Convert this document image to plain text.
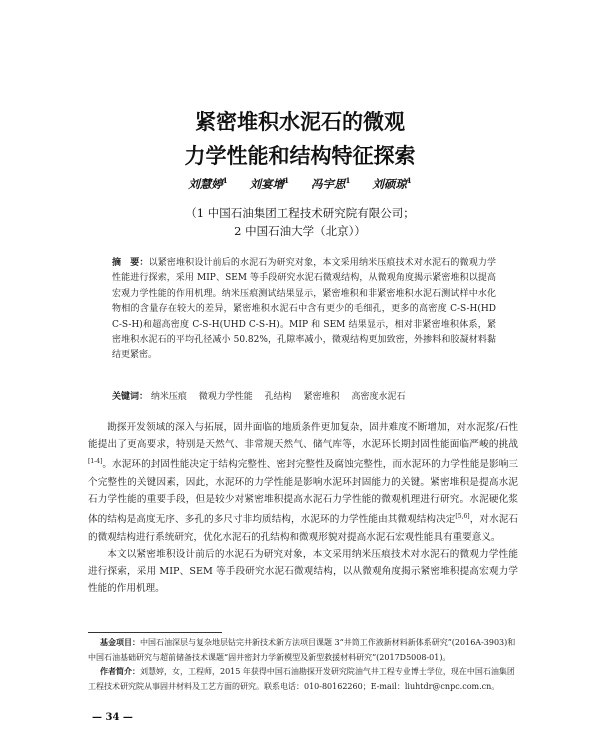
紧密堆积水泥石的微观
力学性能和结构特征探索
刘慧婷$^1$ 刘宴增$^1$ 冯宇思$^1$ 刘硕琼$^1$
（1 中国石油集团工程技术研究院有限公司；
2 中国石油大学（北京））
摘　要：以紧密堆积设计前后的水泥石为研究对象，本文采用纳米压痕技术对水泥石的微观力学性能进行探索，采用 MIP、SEM 等手段研究水泥石微观结构，从微观角度揭示紧密堆积以提高宏观力学性能的作用机理。纳米压痕测试结果显示，紧密堆积和非紧密堆积水泥石测试样中水化物相的含量存在较大的差异，紧密堆积水泥石中含有更少的毛细孔，更多的高密度 C-S-H(HD C-S-H)和超高密度 C-S-H(UHD C-S-H)。MIP 和 SEM 结果显示，相对非紧密堆积体系，紧密堆积水泥石的平均孔径减小 50.82%，孔隙率减小，微观结构更加致密，外掺料和胶凝材料黏结更紧密。
关键词： 纳米压痕 微观力学性能 孔结构 紧密堆积 高密度水泥石

勘探开发领域的深入与拓展，固井面临的地质条件更加复杂，固井难度不断增加，对水泥浆/石性能提出了更高要求，特别是天然气、非常规天然气、储气库等，水泥环长期封固性能面临严峻的挑战[1-4]。水泥环的封固性能决定于结构完整性、密封完整性及腐蚀完整性，而水泥环的力学性能是影响三个完整性的关键因素，因此，水泥环的力学性能是影响水泥环封固能力的关键。紧密堆积是提高水泥石力学性能的重要手段，但是较少对紧密堆积提高水泥石力学性能的微观机理进行研究。水泥硬化浆体的结构是高度无序、多孔的多尺寸非均质结构，水泥环的力学性能由其微观结构决定[5,6]，对水泥石的微观结构进行系统研究，优化水泥石的孔结构和微观形貌对提高水泥石宏观性能具有重要意义。

本文以紧密堆积设计前后的水泥石为研究对象，本文采用纳米压痕技术对水泥石的微观力学性能进行探索，采用 MIP、SEM 等手段研究水泥石微观结构，以从微观角度揭示紧密堆积提高宏观力学性能的作用机理。

基金项目：中国石油深层与复杂地层钻完井新技术新方法项目课题 3“井筒工作液新材料新体系研究”(2016A-3903)和中国石油基础研究与超前储备技术课题“固井密封力学新模型及新型救援材料研究”(2017D5008-01)。

作者简介：刘慧婷，女，工程师，2015 年获得中国石油勘探开发研究院油气井工程专业博士学位，现在中国石油集团工程技术研究院从事固井材料及工艺方面的研究。联系电话：010-80162260；E-mail：liuhtdr@cnpc.com.cn。

— 34 —
